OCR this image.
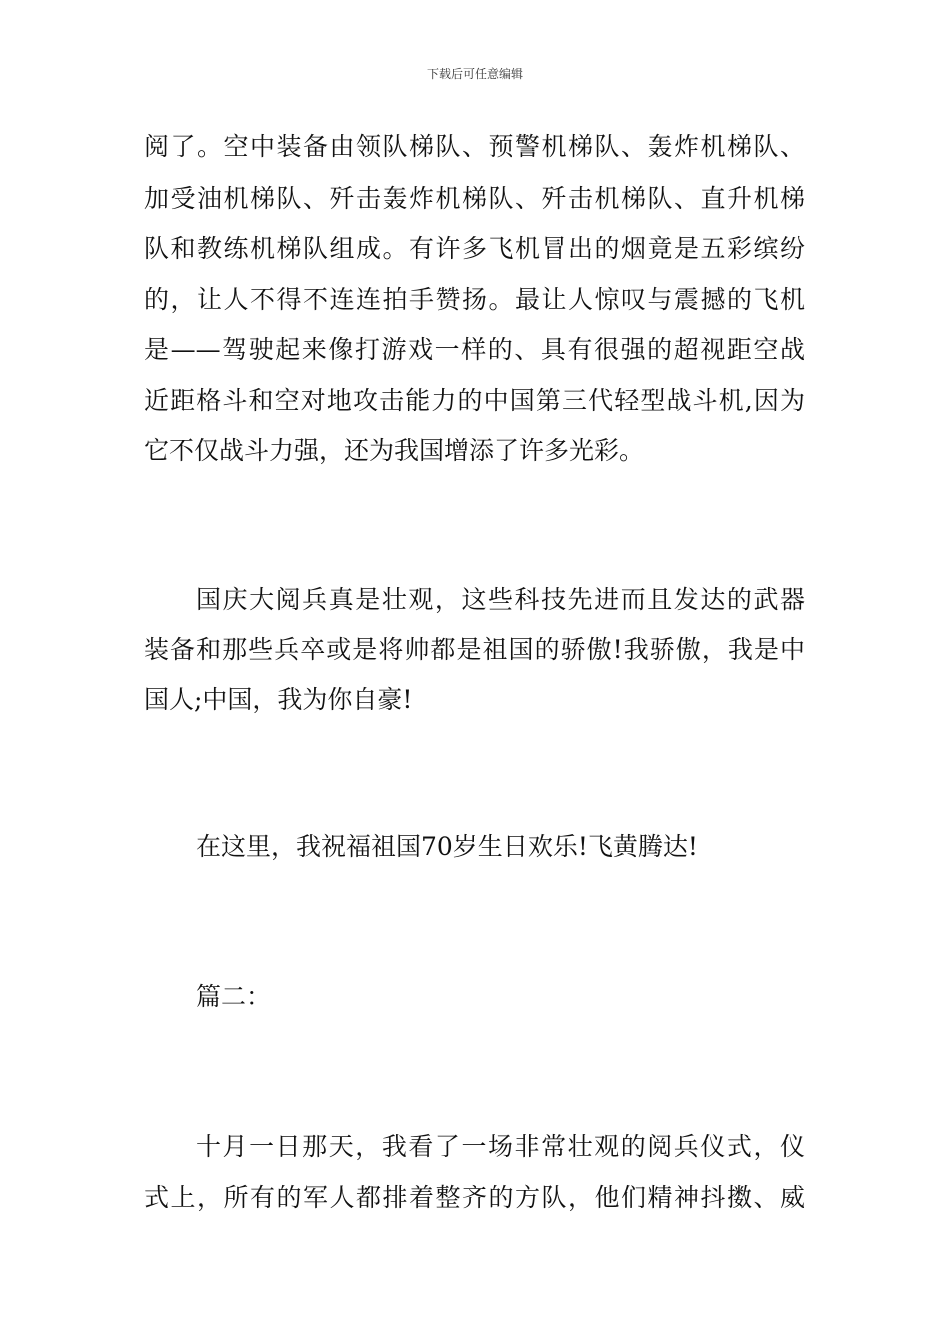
下载后可任意编辑

阅了。空中装备由领队梯队、预警机梯队、轰炸机梯队、

加受油机梯队、歼击轰炸机梯队、歼击机梯队、直升机梯

队和教练机梯队组成。有许多飞机冒出的烟竟是五彩缤纷

的，让人不得不连连拍手赞扬。最让人惊叹与震撼的飞机

是——驾驶起来像打游戏一样的、具有很强的超视距空战

近距格斗和空对地攻击能力的中国第三代轻型战斗机,因为

它不仅战斗力强，还为我国增添了许多光彩。

国庆大阅兵真是壮观，这些科技先进而且发达的武器

装备和那些兵卒或是将帅都是祖国的骄傲!我骄傲，我是中

国人;中国，我为你自豪!

在这里，我祝福祖国70岁生日欢乐!飞黄腾达!

篇二：

十月一日那天，我看了一场非常壮观的阅兵仪式，仪

式上，所有的军人都排着整齐的方队，他们精神抖擞、威
